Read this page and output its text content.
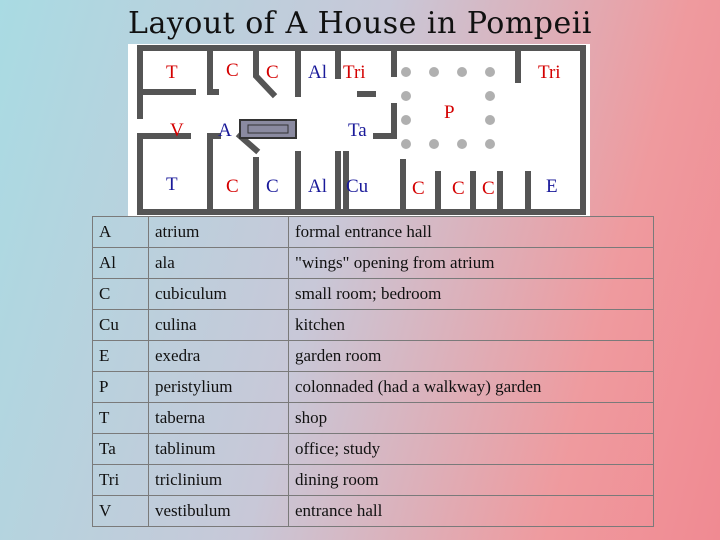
Layout of A House in Pompeii
T	C C Al Tri	Tri
V A	Ta
P
T	C C Al Cu C C C	E
A	atrium	formal entrance hall
Al	ala	"wings" opening from atrium
C	cubiculum	small room; bedroom
Cu	culina	kitchen
E	exedra	garden room
P	peristylium	colonnaded (had a walkway) garden
T	taberna	shop
Ta	tablinum	office; study
Tri	triclinium	dining room
V	vestibulum	entrance hall
